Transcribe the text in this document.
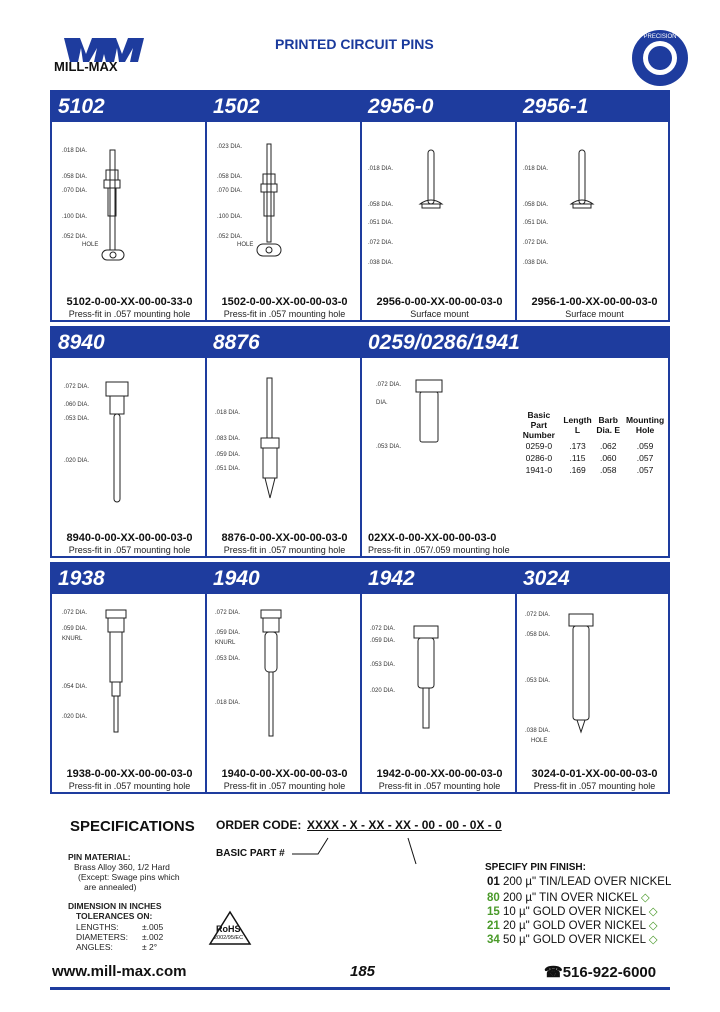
MILL-MAX
PRINTED CIRCUIT PINS	PRECISION
5102	1502	2956-0	2956-1
.018 DIA.
.058 DIA.
.070 DIA.
.100 DIA.
.052 DIA.
HOLE
.023 DIA.
.058 DIA.
.070 DIA.
.100 DIA.
.052 DIA.
HOLE
.018 DIA.
.058 DIA.
.051 DIA.
.072 DIA.
.038 DIA.
.018 DIA.
.058 DIA.
.051 DIA.
.072 DIA.
.038 DIA.
5102-0-00-XX-00-00-33-0
Press-fit in .057 mounting hole
1502-0-00-XX-00-00-03-0
Press-fit in .057 mounting hole
2956-0-00-XX-00-00-03-0
Surface mount
2956-1-00-XX-00-00-03-0
Surface mount
8940	8876	0259/0286/1941
.072 DIA.
.060 DIA.
.053 DIA.
.020 DIA.
.018 DIA.
.083 DIA.
.059 DIA.
.051 DIA.
.072 DIA.
DIA.
.053 DIA.
Basic Part Number	Length L	Barb Dia. E	Mounting Hole
0259-0	.173	.062	.059
0286-0	.115	.060	.057
1941-0	.169	.058	.057
8940-0-00-XX-00-00-03-0
Press-fit in .057 mounting hole
8876-0-00-XX-00-00-03-0
Press-fit in .057 mounting hole
02XX-0-00-XX-00-00-03-0
Press-fit in .057/.059 mounting hole
1938	1940	1942	3024
.072 DIA.
.059 DIA.
KNURL
.054 DIA.
.020 DIA.
.072 DIA.
.059 DIA.
KNURL
.053 DIA.
.018 DIA.
.072 DIA.
.059 DIA.
.053 DIA.
.020 DIA.
.072 DIA.
.058 DIA.
.053 DIA.
.038 DIA.
HOLE
1938-0-00-XX-00-00-03-0
Press-fit in .057 mounting hole
1940-0-00-XX-00-00-03-0
Press-fit in .057 mounting hole
1942-0-00-XX-00-00-03-0
Press-fit in .057 mounting hole
3024-0-01-XX-00-00-03-0
Press-fit in .057 mounting hole
SPECIFICATIONS
PIN MATERIAL:
Brass Alloy 360, 1/2 Hard
(Except: Swage pins which
are annealed)
DIMENSION IN INCHES
TOLERANCES ON:
LENGTHS:	±.005
DIAMETERS: ±.002
ANGLES:	± 2°
RoHS
2002/95/EC
ORDER CODE: XXXX - X - XX - XX - 00 - 00 - 0X - 0
BASIC PART #
SPECIFY PIN FINISH:
01 200 µ" TIN/LEAD OVER NICKEL
80 200 µ" TIN OVER NICKEL ◇
15 10 µ" GOLD OVER NICKEL ◇
21 20 µ" GOLD OVER NICKEL ◇
34 50 µ" GOLD OVER NICKEL ◇
www.mill-max.com	185	☎516-922-6000
